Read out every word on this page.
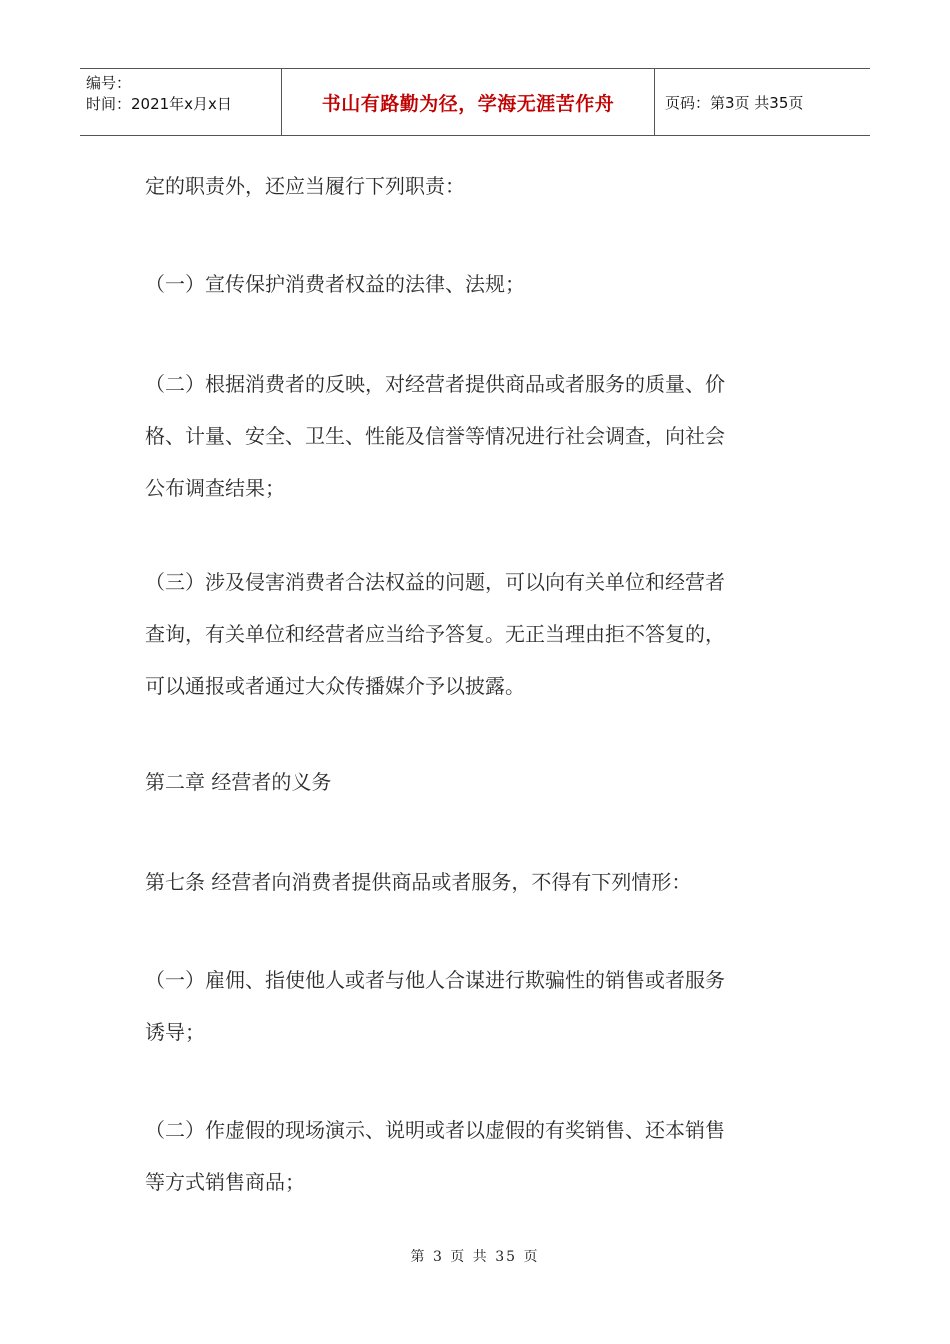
编号：
时间：2021年x月x日	书山有路勤为径，学海无涯苦作舟	页码：第3页 共35页

定的职责外，还应当履行下列职责：

（一）宣传保护消费者权益的法律、法规；

（二）根据消费者的反映，对经营者提供商品或者服务的质量、价
格、计量、安全、卫生、性能及信誉等情况进行社会调查，向社会
公布调查结果；

（三）涉及侵害消费者合法权益的问题，可以向有关单位和经营者
查询，有关单位和经营者应当给予答复。无正当理由拒不答复的，
可以通报或者通过大众传播媒介予以披露。

第二章 经营者的义务

第七条 经营者向消费者提供商品或者服务，不得有下列情形：

（一）雇佣、指使他人或者与他人合谋进行欺骗性的销售或者服务
诱导；

（二）作虚假的现场演示、说明或者以虚假的有奖销售、还本销售
等方式销售商品；

第 3 页 共 35 页
